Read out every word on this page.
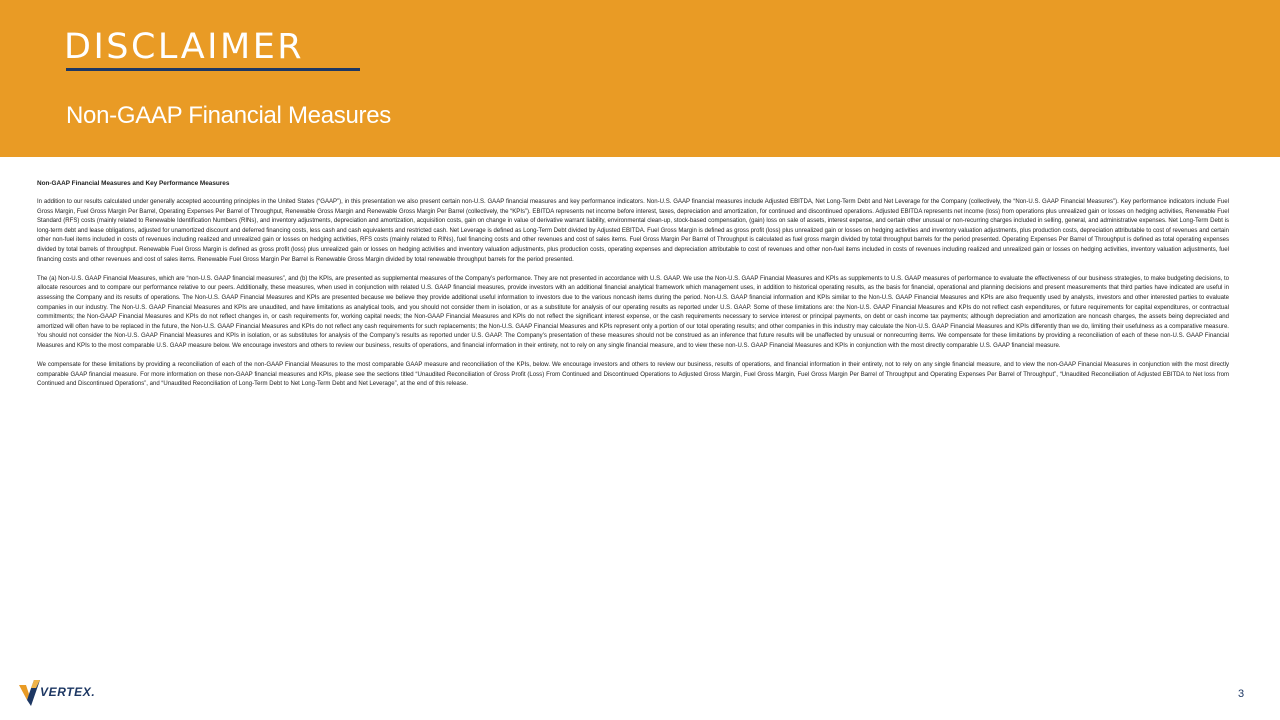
DISCLAIMER
Non-GAAP Financial Measures
Non-GAAP Financial Measures and Key Performance Measures

In addition to our results calculated under generally accepted accounting principles in the United States (“GAAP”), in this presentation we also present certain non-U.S. GAAP financial measures and key performance indicators. Non-U.S. GAAP financial measures include Adjusted EBITDA, Net Long-Term Debt and Net Leverage for the Company (collectively, the “Non-U.S. GAAP Financial Measures”). Key performance indicators include Fuel Gross Margin, Fuel Gross Margin Per Barrel, Operating Expenses Per Barrel of Throughput, Renewable Gross Margin and Renewable Gross Margin Per Barrel (collectively, the “KPIs”). EBITDA represents net income before interest, taxes, depreciation and amortization, for continued and discontinued operations. Adjusted EBITDA represents net income (loss) from operations plus unrealized gain or losses on hedging activities, Renewable Fuel Standard (RFS) costs (mainly related to Renewable Identification Numbers (RINs), and inventory adjustments, depreciation and amortization, acquisition costs, gain on change in value of derivative warrant liability, environmental clean-up, stock-based compensation, (gain) loss on sale of assets, interest expense, and certain other unusual or non-recurring charges included in selling, general, and administrative expenses. Net Long-Term Debt is long-term debt and lease obligations, adjusted for unamortized discount and deferred financing costs, less cash and cash equivalents and restricted cash. Net Leverage is defined as Long-Term Debt divided by Adjusted EBITDA. Fuel Gross Margin is defined as gross profit (loss) plus unrealized gain or losses on hedging activities and inventory valuation adjustments, plus production costs, depreciation attributable to cost of revenues and certain other non-fuel items included in costs of revenues including realized and unrealized gain or losses on hedging activities, RFS costs (mainly related to RINs), fuel financing costs and other revenues and cost of sales items. Fuel Gross Margin Per Barrel of Throughput is calculated as fuel gross margin divided by total throughput barrels for the period presented. Operating Expenses Per Barrel of Throughput is defined as total operating expenses divided by total barrels of throughput. Renewable Fuel Gross Margin is defined as gross profit (loss) plus unrealized gain or losses on hedging activities and inventory valuation adjustments, plus production costs, operating expenses and depreciation attributable to cost of revenues and other non-fuel items included in costs of revenues including realized and unrealized gain or losses on hedging activities, inventory valuation adjustments, fuel financing costs and other revenues and cost of sales items. Renewable Fuel Gross Margin Per Barrel is Renewable Gross Margin divided by total renewable throughput barrels for the period presented.

The (a) Non-U.S. GAAP Financial Measures, which are “non-U.S. GAAP financial measures”, and (b) the KPIs, are presented as supplemental measures of the Company’s performance. They are not presented in accordance with U.S. GAAP. We use the Non-U.S. GAAP Financial Measures and KPIs as supplements to U.S. GAAP measures of performance to evaluate the effectiveness of our business strategies, to make budgeting decisions, to allocate resources and to compare our performance relative to our peers. Additionally, these measures, when used in conjunction with related U.S. GAAP financial measures, provide investors with an additional financial analytical framework which management uses, in addition to historical operating results, as the basis for financial, operational and planning decisions and present measurements that third parties have indicated are useful in assessing the Company and its results of operations. The Non-U.S. GAAP Financial Measures and KPIs are presented because we believe they provide additional useful information to investors due to the various noncash items during the period. Non-U.S. GAAP financial information and KPIs similar to the Non-U.S. GAAP Financial Measures and KPIs are also frequently used by analysts, investors and other interested parties to evaluate companies in our industry. The Non-U.S. GAAP Financial Measures and KPIs are unaudited, and have limitations as analytical tools, and you should not consider them in isolation, or as a substitute for analysis of our operating results as reported under U.S. GAAP. Some of these limitations are: the Non-U.S. GAAP Financial Measures and KPIs do not reflect cash expenditures, or future requirements for capital expenditures, or contractual commitments; the Non-GAAP Financial Measures and KPIs do not reflect changes in, or cash requirements for, working capital needs; the Non-GAAP Financial Measures and KPIs do not reflect the significant interest expense, or the cash requirements necessary to service interest or principal payments, on debt or cash income tax payments; although depreciation and amortization are noncash charges, the assets being depreciated and amortized will often have to be replaced in the future, the Non-U.S. GAAP Financial Measures and KPIs do not reflect any cash requirements for such replacements; the Non-U.S. GAAP Financial Measures and KPIs represent only a portion of our total operating results; and other companies in this industry may calculate the Non-U.S. GAAP Financial Measures and KPIs differently than we do, limiting their usefulness as a comparative measure. You should not consider the Non-U.S. GAAP Financial Measures and KPIs in isolation, or as substitutes for analysis of the Company’s results as reported under U.S. GAAP. The Company’s presentation of these measures should not be construed as an inference that future results will be unaffected by unusual or nonrecurring items. We compensate for these limitations by providing a reconciliation of each of these non-U.S. GAAP Financial Measures and KPIs to the most comparable U.S. GAAP measure below. We encourage investors and others to review our business, results of operations, and financial information in their entirety, not to rely on any single financial measure, and to view these non-U.S. GAAP Financial Measures and KPIs in conjunction with the most directly comparable U.S. GAAP financial measure.

We compensate for these limitations by providing a reconciliation of each of the non-GAAP Financial Measures to the most comparable GAAP measure and reconciliation of the KPIs, below. We encourage investors and others to review our business, results of operations, and financial information in their entirety, not to rely on any single financial measure, and to view the non-GAAP Financial Measures in conjunction with the most directly comparable GAAP financial measure. For more information on these non-GAAP financial measures and KPIs, please see the sections titled “Unaudited Reconciliation of Gross Profit (Loss) From Continued and Discontinued Operations to Adjusted Gross Margin, Fuel Gross Margin, Fuel Gross Margin Per Barrel of Throughput and Operating Expenses Per Barrel of Throughput”, “Unaudited Reconciliation of Adjusted EBITDA to Net loss from Continued and Discontinued Operations”, and “Unaudited Reconciliation of Long-Term Debt to Net Long-Term Debt and Net Leverage”, at the end of this release.

VERTEX.	3
